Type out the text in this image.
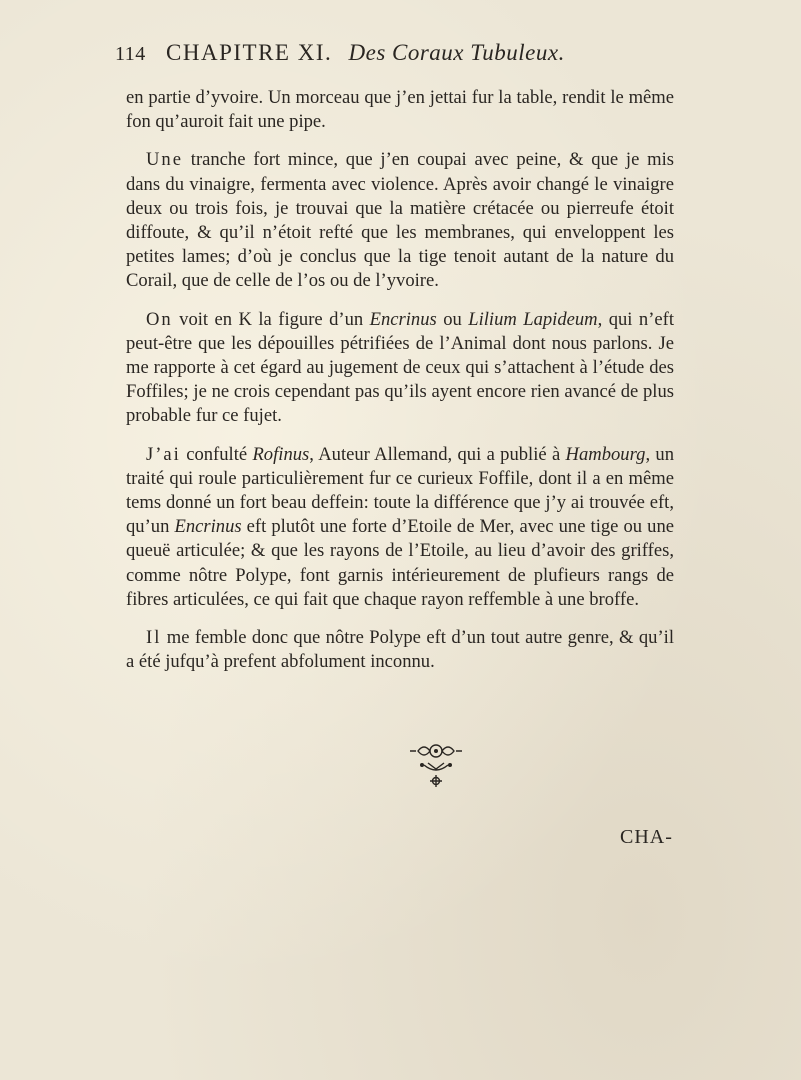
114 CHAPITRE XI. Des Coraux Tubuleux.

en partie d’yvoire. Un morceau que j’en jettai fur la table, rendit le même fon qu’auroit fait une pipe.

Une tranche fort mince, que j’en coupai avec peine, & que je mis dans du vinaigre, fermenta avec violence. Après avoir changé le vinaigre deux ou trois fois, je trouvai que la matière crétacée ou pierreufe étoit diffoute, & qu’il n’étoit refté que les membranes, qui enveloppent les petites lames; d’où je conclus que la tige tenoit autant de la nature du Corail, que de celle de l’os ou de l’yvoire.

On voit en K la figure d’un Encrinus ou Lilium Lapideum, qui n’eft peut-être que les dépouilles pétrifiées de l’Animal dont nous parlons. Je me rapporte à cet égard au jugement de ceux qui s’attachent à l’étude des Foffiles; je ne crois cependant pas qu’ils ayent encore rien avancé de plus probable fur ce fujet.

J’ai confulté Rofinus, Auteur Allemand, qui a publié à Hambourg, un traité qui roule particulièrement fur ce curieux Foffile, dont il a en même tems donné un fort beau deffein: toute la différence que j’y ai trouvée eft, qu’un Encrinus eft plutôt une forte d’Etoile de Mer, avec une tige ou une queuë articulée; & que les rayons de l’Etoile, au lieu d’avoir des griffes, comme nôtre Polype, font garnis intérieurement de plufieurs rangs de fibres articulées, ce qui fait que chaque rayon reffemble à une broffe.

Il me femble donc que nôtre Polype eft d’un tout autre genre, & qu’il a été jufqu’à prefent abfolument inconnu.

CHA-
